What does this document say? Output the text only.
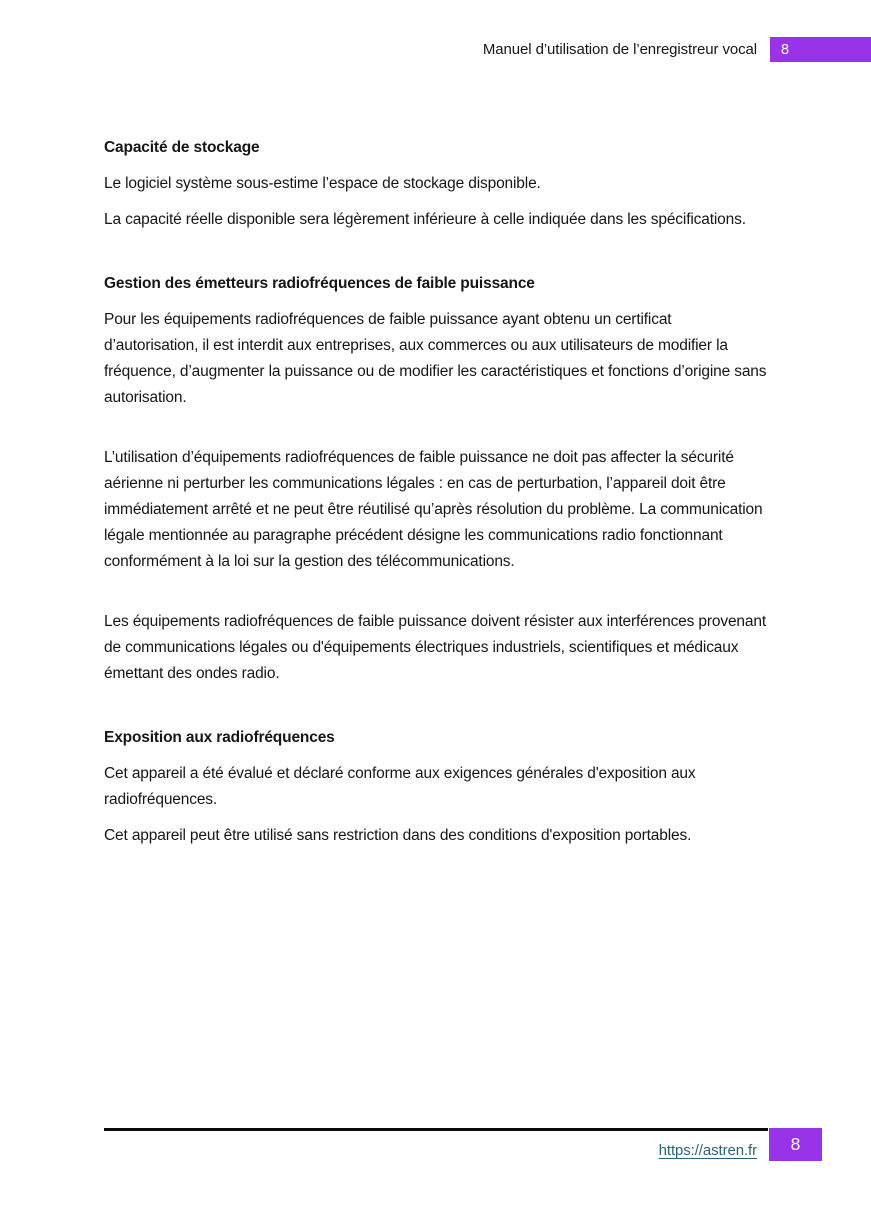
Manuel d’utilisation de l’enregistreur vocal 8
Capacité de stockage

Le logiciel système sous-estime l’espace de stockage disponible.

La capacité réelle disponible sera légèrement inférieure à celle indiquée dans les spécifications.

Gestion des émetteurs radiofréquences de faible puissance

Pour les équipements radiofréquences de faible puissance ayant obtenu un certificat d’autorisation, il est interdit aux entreprises, aux commerces ou aux utilisateurs de modifier la fréquence, d’augmenter la puissance ou de modifier les caractéristiques et fonctions d’origine sans autorisation.

L’utilisation d’équipements radiofréquences de faible puissance ne doit pas affecter la sécurité aérienne ni perturber les communications légales : en cas de perturbation, l’appareil doit être immédiatement arrêté et ne peut être réutilisé qu’après résolution du problème. La communication légale mentionnée au paragraphe précédent désigne les communications radio fonctionnant conformément à la loi sur la gestion des télécommunications.

Les équipements radiofréquences de faible puissance doivent résister aux interférences provenant de communications légales ou d'équipements électriques industriels, scientifiques et médicaux émettant des ondes radio.

Exposition aux radiofréquences

Cet appareil a été évalué et déclaré conforme aux exigences générales d'exposition aux radiofréquences.

Cet appareil peut être utilisé sans restriction dans des conditions d'exposition portables.

https://astren.fr 8
